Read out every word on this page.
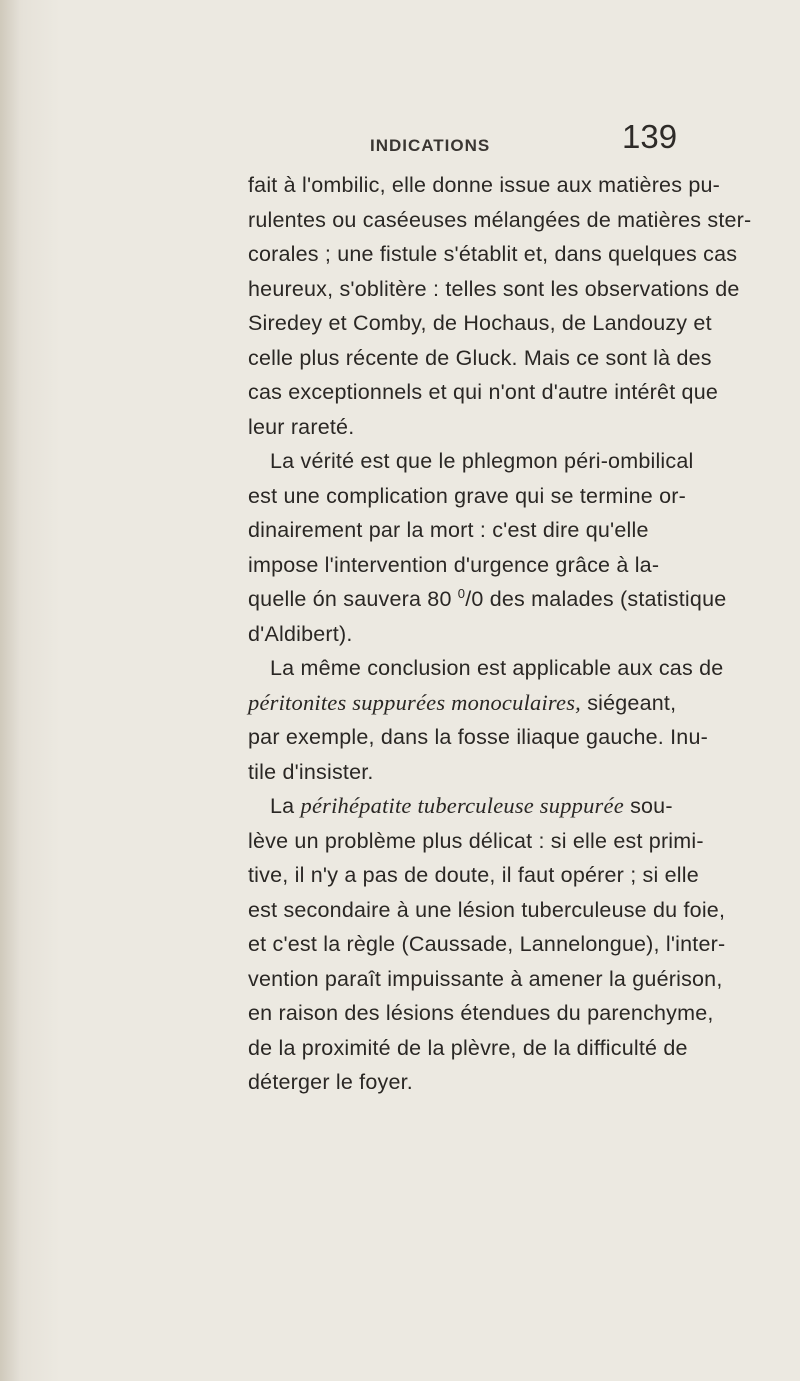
INDICATIONS	139
fait à l'ombilic, elle donne issue aux matières pu-
rulentes ou caséeuses mélangées de matières ster-
corales ; une fistule s'établit et, dans quelques cas
heureux, s'oblitère : telles sont les observations de
Siredey et Comby, de Hochaus, de Landouzy et
celle plus récente de Gluck. Mais ce sont là des
cas exceptionnels et qui n'ont d'autre intérêt que
leur rareté.
La vérité est que le phlegmon péri-ombilical
est une complication grave qui se termine or-
dinairement par la mort : c'est dire qu'elle
impose l'intervention d'urgence grâce à la-
quelle ón sauvera 80 $^0$/0 des malades (statistique
d'Aldibert).
La même conclusion est applicable aux cas de
péritonites suppurées monoculaires, siégeant,
par exemple, dans la fosse iliaque gauche. Inu-
tile d'insister.
La périhépatite tuberculeuse suppurée sou-
lève un problème plus délicat : si elle est primi-
tive, il n'y a pas de doute, il faut opérer ; si elle
est secondaire à une lésion tuberculeuse du foie,
et c'est la règle (Caussade, Lannelongue), l'inter-
vention paraît impuissante à amener la guérison,
en raison des lésions étendues du parenchyme,
de la proximité de la plèvre, de la difficulté de
déterger le foyer.
